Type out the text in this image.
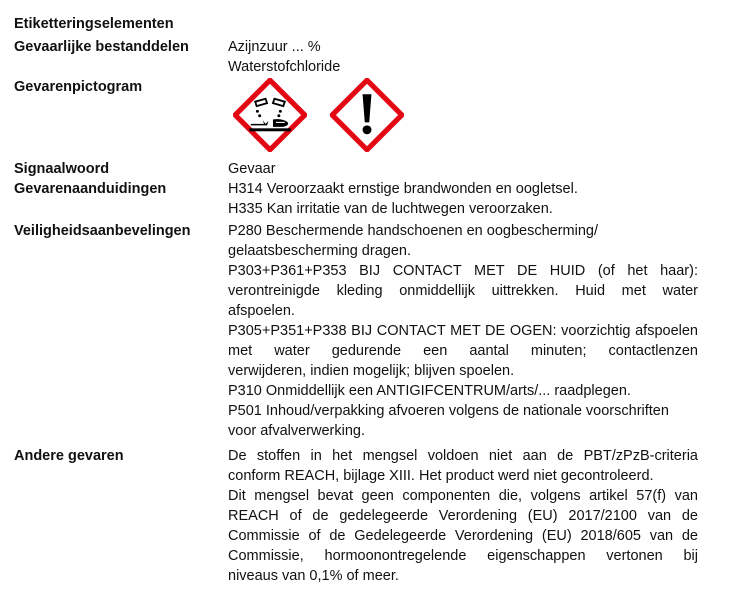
Etiketteringselementen
Gevaarlijke bestanddelen	Azijnzuur ... %
Waterstofchloride
Gevarenpictogram
Signaalwoord	Gevaar
Gevarenaanduidingen	H314 Veroorzaakt ernstige brandwonden en oogletsel.
H335 Kan irritatie van de luchtwegen veroorzaken.
Veiligheidsaanbevelingen	P280 Beschermende handschoenen en oogbescherming/
gelaatsbescherming dragen.
P303+P361+P353 BIJ CONTACT MET DE HUID (of het haar):
verontreinigde kleding onmiddellijk uittrekken. Huid met water
afspoelen.
P305+P351+P338 BIJ CONTACT MET DE OGEN: voorzichtig afspoelen
met water gedurende een aantal minuten; contactlenzen
verwijderen, indien mogelijk; blijven spoelen.
P310 Onmiddellijk een ANTIGIFCENTRUM/arts/... raadplegen.
P501 Inhoud/verpakking afvoeren volgens de nationale voorschriften
voor afvalverwerking.
Andere gevaren	De stoffen in het mengsel voldoen niet aan de PBT/zPzB-criteria
conform REACH, bijlage XIII. Het product werd niet gecontroleerd.
Dit mengsel bevat geen componenten die, volgens artikel 57(f) van
REACH of de gedelegeerde Verordening (EU) 2017/2100 van de
Commissie of de Gedelegeerde Verordening (EU) 2018/605 van de
Commissie, hormoonontregelende eigenschappen vertonen bij
niveaus van 0,1% of meer.
